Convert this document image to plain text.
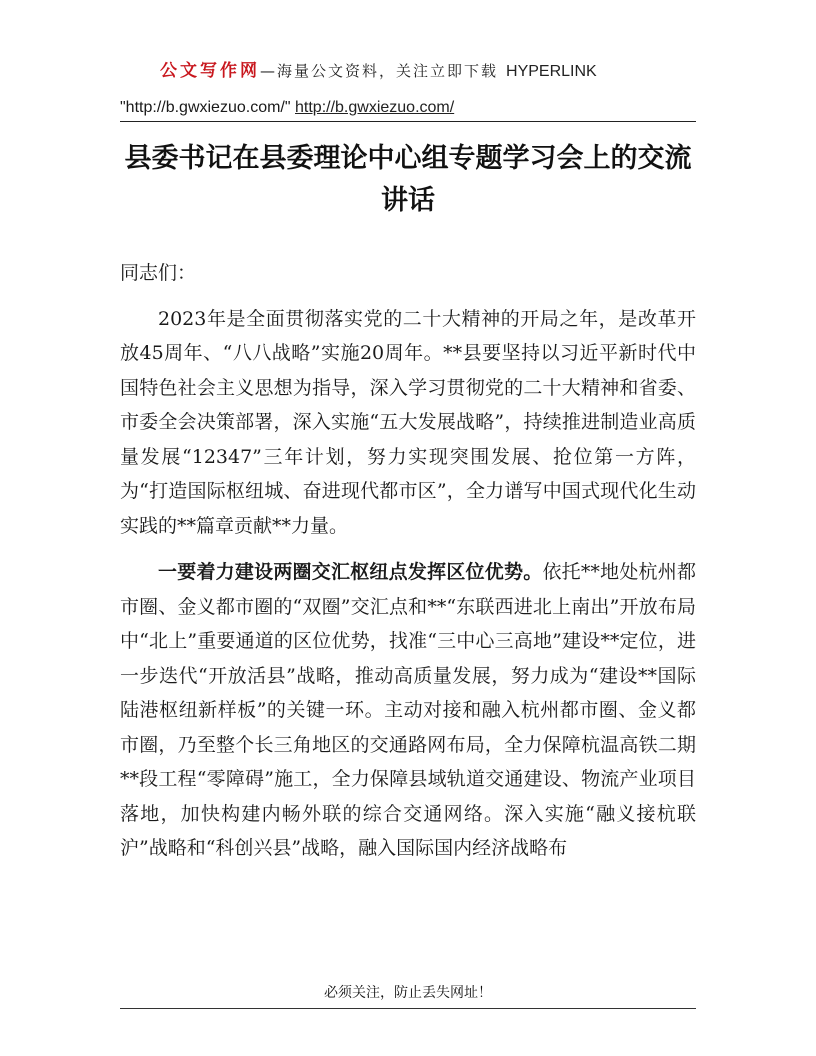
公文写作网—海量公文资料，关注立即下载 HYPERLINK
"http://b.gwxiezuo.com/" http://b.gwxiezuo.com/
县委书记在县委理论中心组专题学习会上的交流讲话

同志们：

2023年是全面贯彻落实党的二十大精神的开局之年，是改革开放45周年、“八八战略”实施20周年。**县要坚持以习近平新时代中国特色社会主义思想为指导，深入学习贯彻党的二十大精神和省委、市委全会决策部署，深入实施“五大发展战略”，持续推进制造业高质量发展“12347”三年计划，努力实现突围发展、抢位第一方阵，为“打造国际枢纽城、奋进现代都市区”，全力谱写中国式现代化生动实践的**篇章贡献**力量。

一要着力建设两圈交汇枢纽点发挥区位优势。依托**地处杭州都市圈、金义都市圈的“双圈”交汇点和**“东联西进北上南出”开放布局中“北上”重要通道的区位优势，找准“三中心三高地”建设**定位，进一步迭代“开放活县”战略，推动高质量发展，努力成为“建设**国际陆港枢纽新样板”的关键一环。主动对接和融入杭州都市圈、金义都市圈，乃至整个长三角地区的交通路网布局，全力保障杭温高铁二期**段工程“零障碍”施工，全力保障县域轨道交通建设、物流产业项目落地，加快构建内畅外联的综合交通网络。深入实施“融义接杭联沪”战略和“科创兴县”战略，融入国际国内经济战略布

必须关注，防止丢失网址！
